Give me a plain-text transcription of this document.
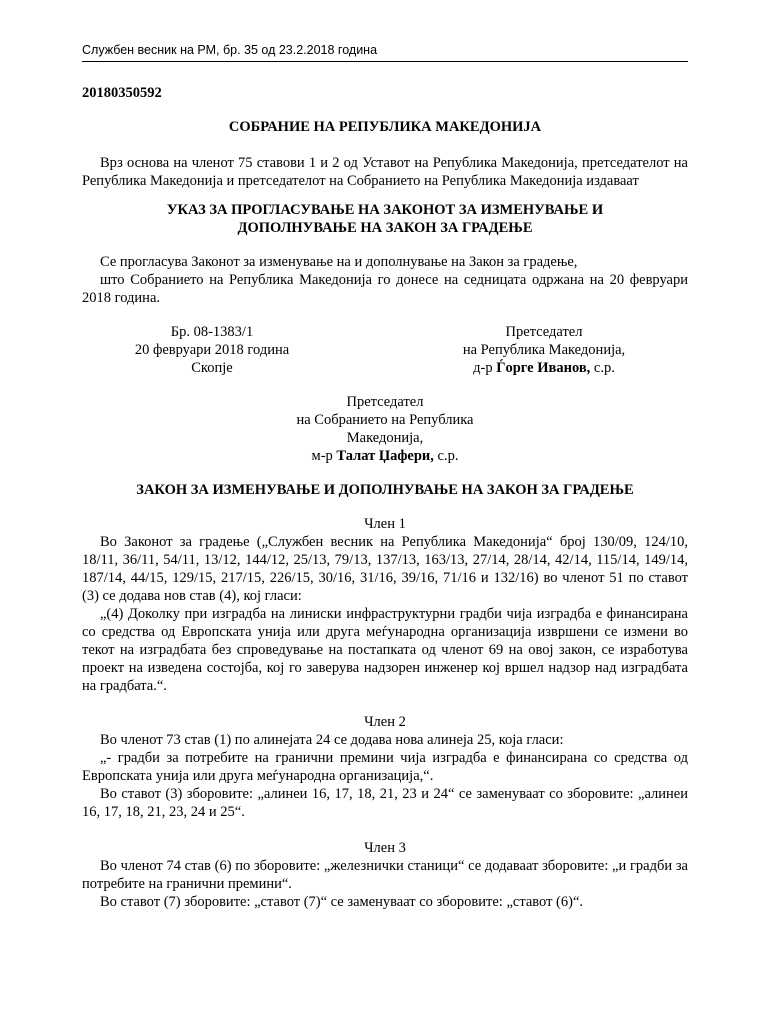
Службен весник на РМ, бр. 35 од 23.2.2018 година

20180350592

СОБРАНИЕ НА РЕПУБЛИКА МАКЕДОНИЈА

Врз основа на членот 75 ставови 1 и 2 од Уставот на Република Македонија, претседателот на Република Македонија и претседателот на Собранието на Република Македонија издаваат

УКАЗ ЗА ПРОГЛАСУВАЊЕ НА ЗАКОНОТ ЗА ИЗМЕНУВАЊЕ И
ДОПОЛНУВАЊЕ НА ЗАКОН ЗА ГРАДЕЊЕ

Се прогласува Законот за изменување на и дополнување на Закон за градење,

што Собранието на Република Македонија го донесе на седницата одржана на 20 февруари 2018 година.

Бр. 08-1383/1
20 февруари 2018 година
Скопје
Претседател
на Република Македонија,
д-р Ѓорге Иванов, с.р.
Претседател
на Собранието на Република
Македонија,
м-р Талат Џафери, с.р.

ЗАКОН ЗА ИЗМЕНУВАЊЕ И ДОПОЛНУВАЊЕ НА ЗАКОН ЗА ГРАДЕЊЕ

Член 1

Во Законот за градење („Службен весник на Република Македонија“ број 130/09, 124/10, 18/11, 36/11, 54/11, 13/12, 144/12, 25/13, 79/13, 137/13, 163/13, 27/14, 28/14, 42/14, 115/14, 149/14, 187/14, 44/15, 129/15, 217/15, 226/15, 30/16, 31/16, 39/16, 71/16 и 132/16) во членот 51 по ставот (3) се додава нов став (4), кој гласи:

„(4) Доколку при изградба на линиски инфраструктурни градби чија изградба е финансирана со средства од Европската унија или друга меѓународна организација извршени се измени во текот на изградбата без спроведување на постапката од членот 69 на овој закон, се изработува проект на изведена состојба, кој го заверува надзорен инженер кој вршел надзор над изградбата на градбата.“.

Член 2

Во членот 73 став (1) по алинејата 24 се додава нова алинеја 25, која гласи:

„- градби за потребите на гранични премини чија изградба е финансирана со средства од Европската унија или друга меѓународна организација,“.

Во ставот (3) зборовите: „алинеи 16, 17, 18, 21, 23 и 24“ се заменуваат со зборовите: „алинеи 16, 17, 18, 21, 23, 24 и 25“.

Член 3

Во членот 74 став (6) по зборовите: „железнички станици“ се додаваат зборовите: „и градби за потребите на гранични премини“.

Во ставот (7) зборовите: „ставот (7)“ се заменуваат со зборовите: „ставот (6)“.
